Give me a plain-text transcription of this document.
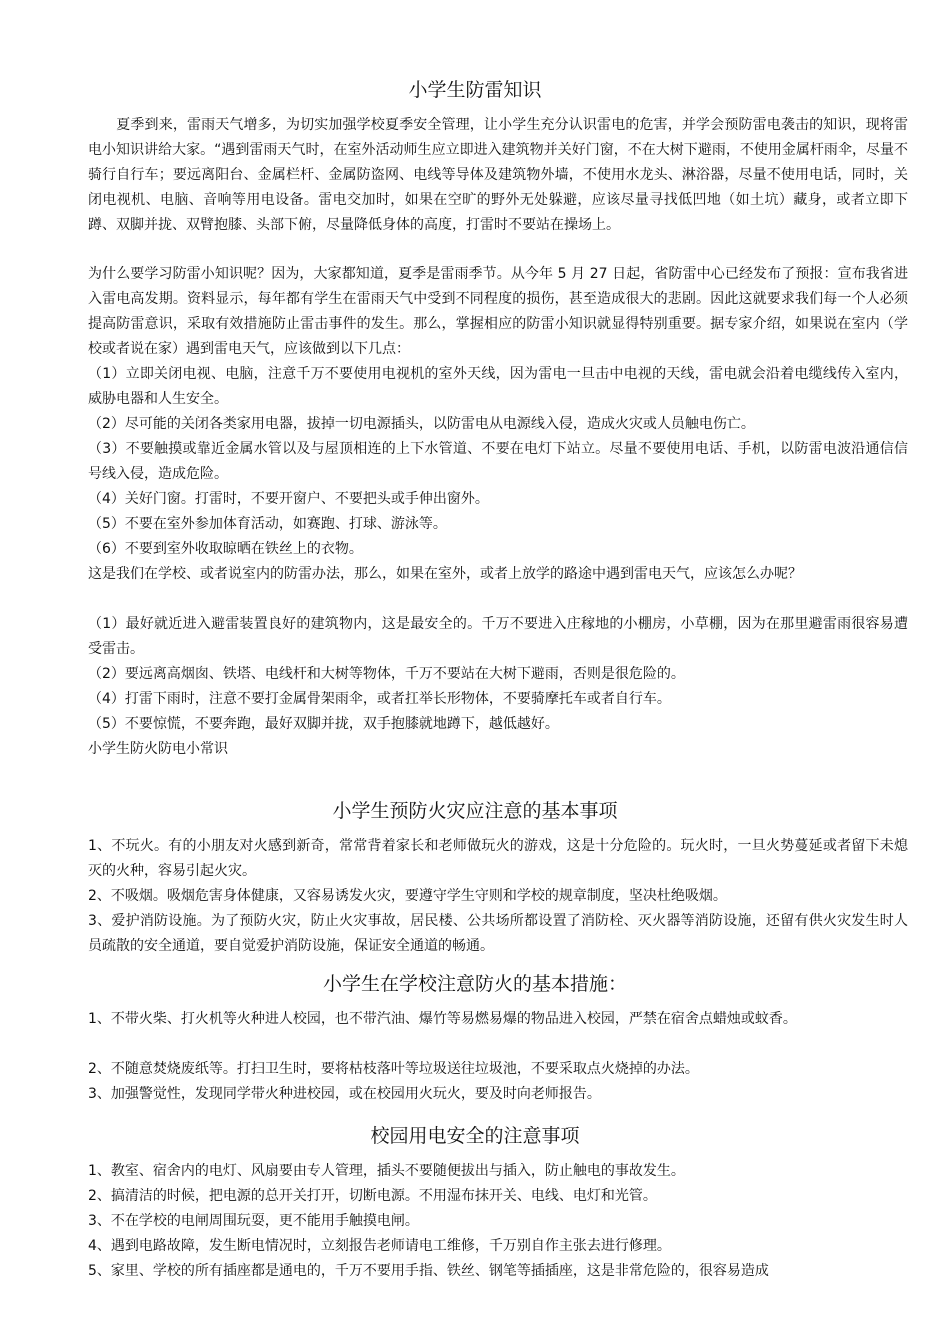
小学生防雷知识

　　夏季到来，雷雨天气增多，为切实加强学校夏季安全管理，让小学生充分认识雷电的危害，并学会预防雷电袭击的知识，现将雷电小知识讲给大家。“遇到雷雨天气时，在室外活动师生应立即进入建筑物并关好门窗，不在大树下避雨，不使用金属杆雨伞，尽量不骑行自行车；要远离阳台、金属栏杆、金属防盗网、电线等导体及建筑物外墙，不使用水龙头、淋浴器，尽量不使用电话，同时，关闭电视机、电脑、音响等用电设备。雷电交加时，如果在空旷的野外无处躲避，应该尽量寻找低凹地（如土坑）藏身，或者立即下蹲、双脚并拢、双臂抱膝、头部下俯，尽量降低身体的高度，打雷时不要站在操场上。

为什么要学习防雷小知识呢？因为，大家都知道，夏季是雷雨季节。从今年 5 月 27 日起，省防雷中心已经发布了预报：宣布我省进入雷电高发期。资料显示，每年都有学生在雷雨天气中受到不同程度的损伤，甚至造成很大的悲剧。因此这就要求我们每一个人必须提高防雷意识，采取有效措施防止雷击事件的发生。那么，掌握相应的防雷小知识就显得特别重要。据专家介绍，如果说在室内（学校或者说在家）遇到雷电天气，应该做到以下几点：

（1）立即关闭电视、电脑，注意千万不要使用电视机的室外天线，因为雷电一旦击中电视的天线，雷电就会沿着电缆线传入室内，威胁电器和人生安全。

（2）尽可能的关闭各类家用电器，拔掉一切电源插头，以防雷电从电源线入侵，造成火灾或人员触电伤亡。

（3）不要触摸或靠近金属水管以及与屋顶相连的上下水管道、不要在电灯下站立。尽量不要使用电话、手机，以防雷电波沿通信信号线入侵，造成危险。

（4）关好门窗。打雷时，不要开窗户、不要把头或手伸出窗外。

（5）不要在室外参加体育活动，如赛跑、打球、游泳等。

（6）不要到室外收取晾晒在铁丝上的衣物。

这是我们在学校、或者说室内的防雷办法，那么，如果在室外，或者上放学的路途中遇到雷电天气，应该怎么办呢？

（1）最好就近进入避雷装置良好的建筑物内，这是最安全的。千万不要进入庄稼地的小棚房，小草棚，因为在那里避雷雨很容易遭受雷击。

（2）要远离高烟囱、铁塔、电线杆和大树等物体，千万不要站在大树下避雨，否则是很危险的。

（4）打雷下雨时，注意不要打金属骨架雨伞，或者扛举长形物体，不要骑摩托车或者自行车。

（5）不要惊慌，不要奔跑，最好双脚并拢，双手抱膝就地蹲下，越低越好。

小学生防火防电小常识

小学生预防火灾应注意的基本事项

1、不玩火。有的小朋友对火感到新奇，常常背着家长和老师做玩火的游戏，这是十分危险的。玩火时，一旦火势蔓延或者留下未熄灭的火种，容易引起火灾。

2、不吸烟。吸烟危害身体健康，又容易诱发火灾，要遵守学生守则和学校的规章制度，坚决杜绝吸烟。

3、爱护消防设施。为了预防火灾，防止火灾事故，居民楼、公共场所都设置了消防栓、灭火器等消防设施，还留有供火灾发生时人员疏散的安全通道，要自觉爱护消防设施，保证安全通道的畅通。

小学生在学校注意防火的基本措施：

1、不带火柴、打火机等火种进人校园，也不带汽油、爆竹等易燃易爆的物品进入校园，严禁在宿舍点蜡烛或蚊香。

2、不随意焚烧废纸等。打扫卫生时，要将枯枝落叶等垃圾送往垃圾池，不要采取点火烧掉的办法。

3、加强警觉性，发现同学带火种进校园，或在校园用火玩火，要及时向老师报告。

校园用电安全的注意事项

1、教室、宿舍内的电灯、风扇要由专人管理，插头不要随便拔出与插入，防止触电的事故发生。

2、搞清洁的时候，把电源的总开关打开，切断电源。不用湿布抹开关、电线、电灯和光管。

3、不在学校的电闸周围玩耍，更不能用手触摸电闸。

4、遇到电路故障，发生断电情况时，立刻报告老师请电工维修，千万别自作主张去进行修理。

5、家里、学校的所有插座都是通电的，千万不要用手指、铁丝、钢笔等插插座，这是非常危险的，很容易造成
